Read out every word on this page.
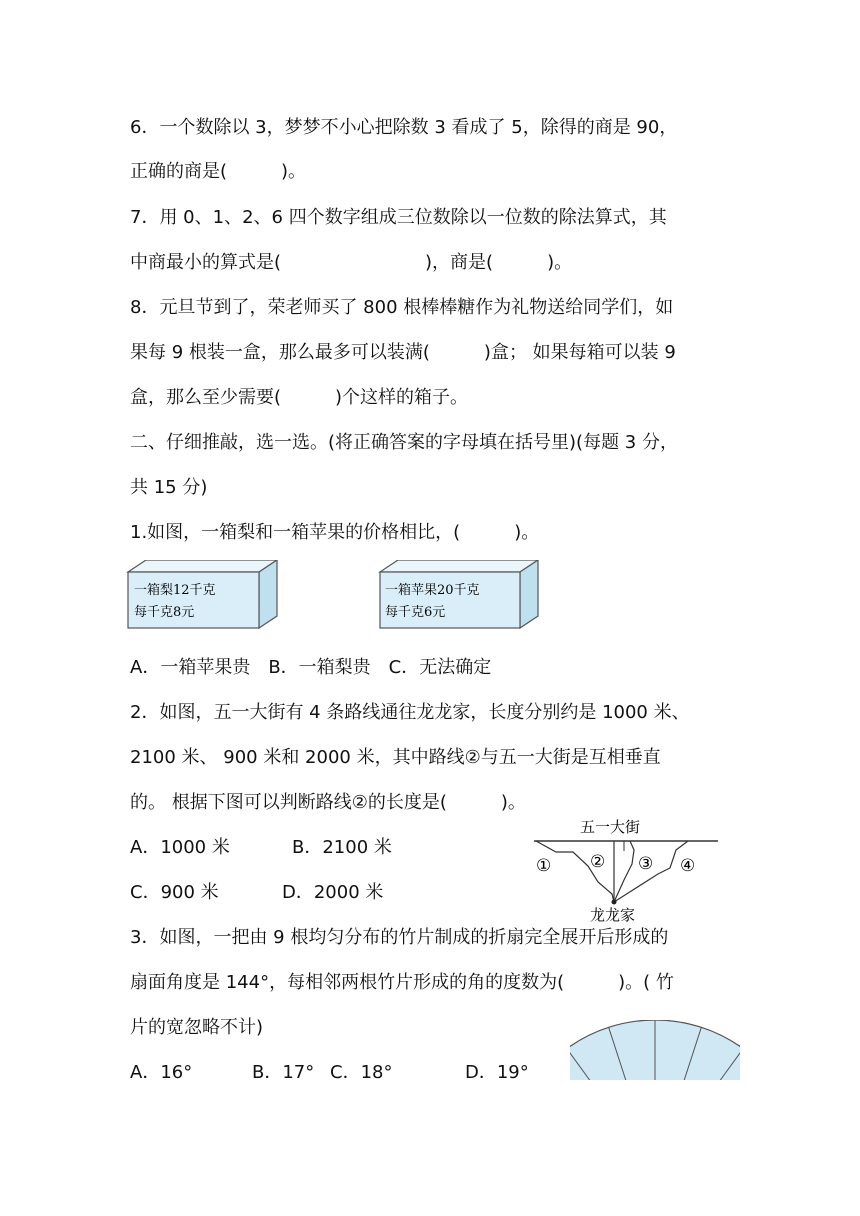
6．一个数除以 3，梦梦不小心把除数 3 看成了 5，除得的商是 90，
正确的商是(　　　)。
7．用 0、1、2、6 四个数字组成三位数除以一位数的除法算式，其
中商最小的算式是(　　　　　　　　)，商是(　　　)。
8．元旦节到了，荣老师买了 800 根棒棒糖作为礼物送给同学们，如
果每 9 根装一盒，那么最多可以装满(　　　)盒； 如果每箱可以装 9
盒，那么至少需要(　　　)个这样的箱子。
二、仔细推敲，选一选。(将正确答案的字母填在括号里)(每题 3 分，
共 15 分)
1.如图，一箱梨和一箱苹果的价格相比，(　　　)。
一箱梨12千克
每千克8元
一箱苹果20千克
每千克6元
A．一箱苹果贵　B．一箱梨贵　C．无法确定
2．如图，五一大街有 4 条路线通往龙龙家，长度分别约是 1000 米、
2100 米、 900 米和 2000 米，其中路线②与五一大街是互相垂直
的。 根据下图可以判断路线②的长度是(　　　)。
A．1000 米	B．2100 米
C．900 米	D．2000 米
五一大街
① ② ③ ④
龙龙家
3．如图，一把由 9 根均匀分布的竹片制成的折扇完全展开后形成的
扇面角度是 144°，每相邻两根竹片形成的角的度数为(　　　)。( 竹
片的宽忽略不计)
A．16°	B．17° C．18°	D．19°
